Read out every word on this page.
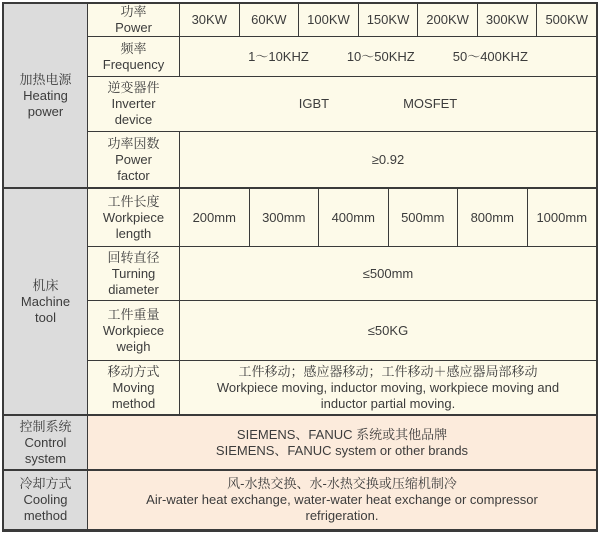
加热电源
Heating
power
功率
Power
30KW	60KW	100KW	150KW	200KW	300KW	500KW
频率
Frequency
1～10KHZ	10～50KHZ	50～400KHZ
逆变器件
Inverter
device
IGBT	MOSFET
功率因数
Power
factor
≥0.92
机床
Machine
tool
工件长度
Workpiece
length
200mm	300mm	400mm	500mm	800mm	1000mm
回转直径
Turning
diameter
≤500mm
工件重量
Workpiece
weigh
≤50KG
移动方式
Moving
method
工件移动；感应器移动；工件移动＋感应器局部移动
Workpiece moving, inductor moving, workpiece moving and
inductor partial moving.
控制系统
Control
system
SIEMENS、FANUC 系统或其他品牌
SIEMENS、FANUC system or other brands
冷却方式
Cooling
method
风-水热交换、水-水热交换或压缩机制冷
Air-water heat exchange, water-water heat exchange or compressor
refrigeration.
